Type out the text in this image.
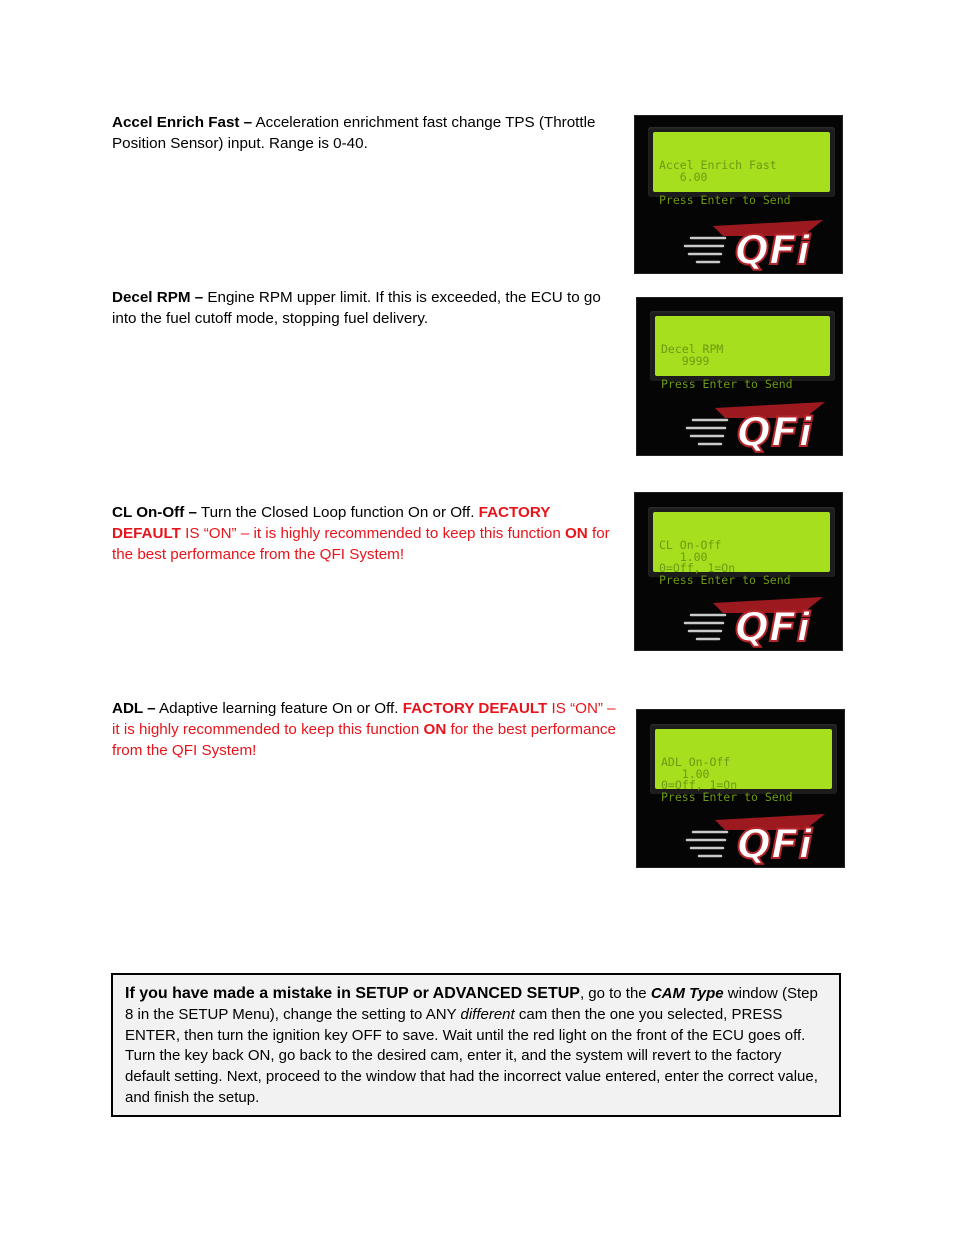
Accel Enrich Fast – Acceleration enrichment fast change TPS (Throttle Position Sensor) input. Range is 0-40.

Accel Enrich Fast
6.00
Press Enter to Send

QFi

Decel RPM – Engine RPM upper limit. If this is exceeded, the ECU to go into the fuel cutoff mode, stopping fuel delivery.

Decel RPM
9999
Press Enter to Send

QFi

CL On-Off – Turn the Closed Loop function On or Off. FACTORY DEFAULT IS “ON” – it is highly recommended to keep this function ON for the best performance from the QFI System!

CL On-Off
1.00
0=Off, 1=On
Press Enter to Send

QFi

ADL – Adaptive learning feature On or Off. FACTORY DEFAULT IS “ON” – it is highly recommended to keep this function ON for the best performance from the QFI System!

ADL On-Off
1.00
0=Off, 1=On
Press Enter to Send

QFi
If you have made a mistake in SETUP or ADVANCED SETUP, go to the CAM Type window (Step 8 in the SETUP Menu), change the setting to ANY different cam then the one you selected, PRESS ENTER, then turn the ignition key OFF to save. Wait until the red light on the front of the ECU goes off. Turn the key back ON, go back to the desired cam, enter it, and the system will revert to the factory default setting. Next, proceed to the window that had the incorrect value entered, enter the correct value, and finish the setup.
